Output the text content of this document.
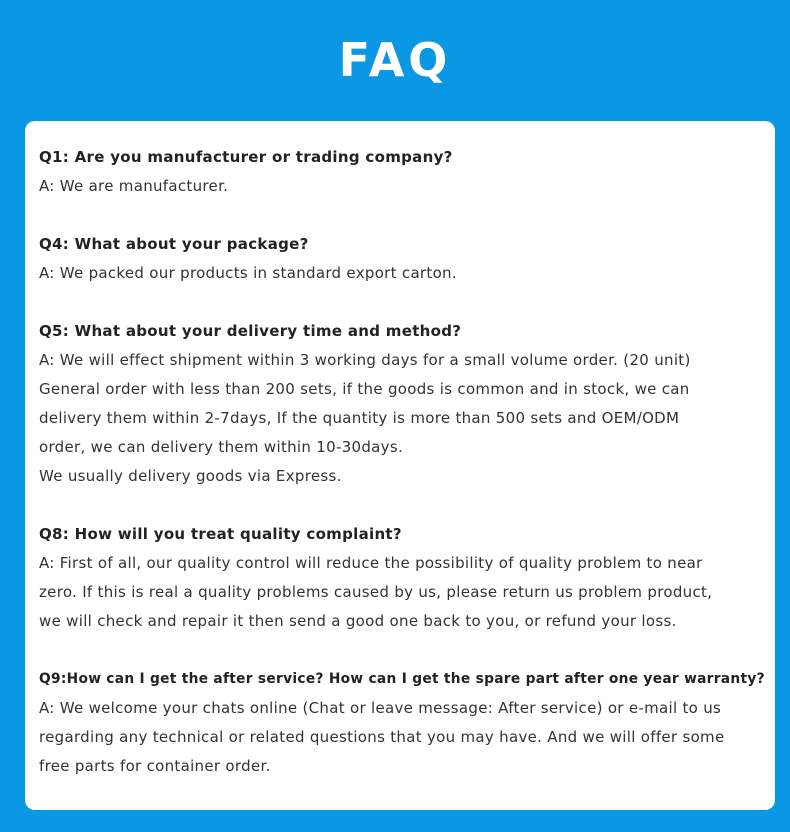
FAQ
Q1: Are you manufacturer or trading company?
A: We are manufacturer.
Q4: What about your package?
A: We packed our products in standard export carton.
Q5: What about your delivery time and method?
A: We will effect shipment within 3 working days for a small volume order. (20 unit)
General order with less than 200 sets, if the goods is common and in stock, we can
delivery them within 2-7days, If the quantity is more than 500 sets and OEM/ODM
order, we can delivery them within 10-30days.
We usually delivery goods via Express.
Q8: How will you treat quality complaint?
A: First of all, our quality control will reduce the possibility of quality problem to near
zero. If this is real a quality problems caused by us, please return us problem product,
we will check and repair it then send a good one back to you, or refund your loss.
Q9:How can I get the after service? How can I get the spare part after one year warranty?
A: We welcome your chats online (Chat or leave message: After service) or e-mail to us
regarding any technical or related questions that you may have. And we will offer some
free parts for container order.
